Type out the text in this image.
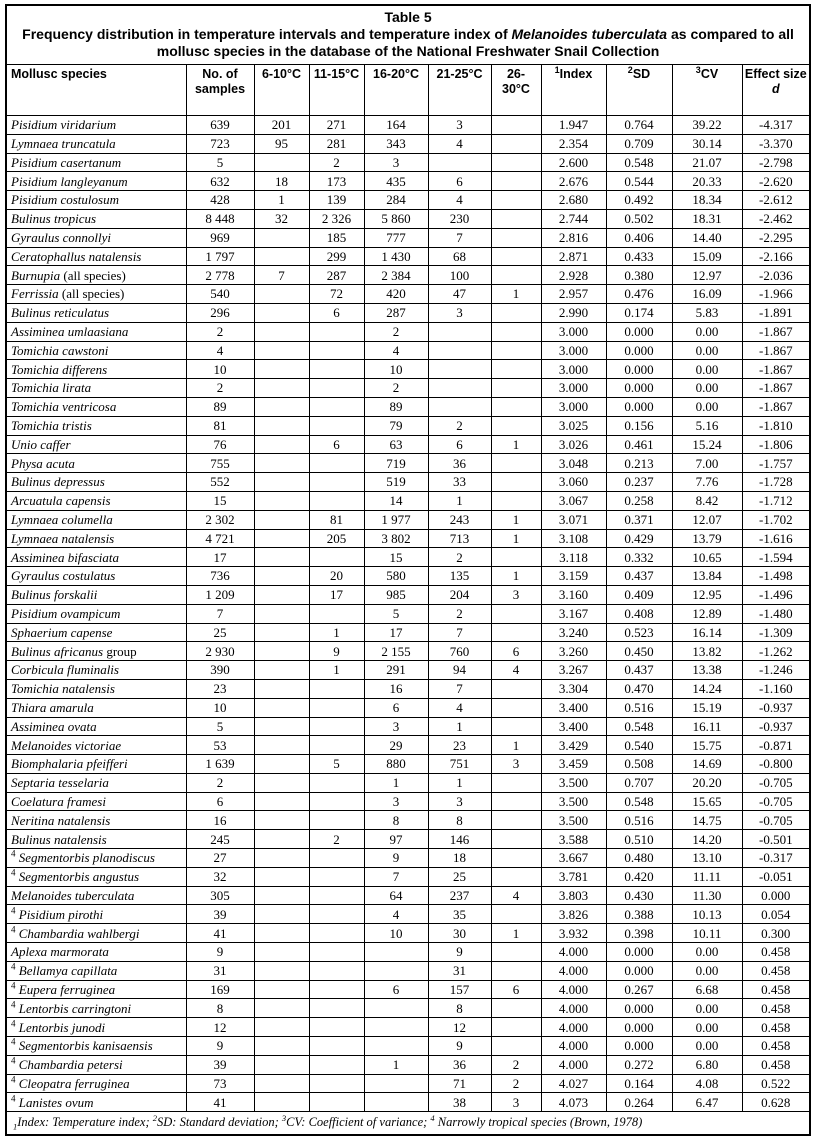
Table 5
Frequency distribution in temperature intervals and temperature index of Melanoides tuberculata as compared to all mollusc species in the database of the National Freshwater Snail Collection										

Mollusc species	No. of samples	6-10°C	11-15°C	16-20°C	21-25°C	26-30°C	$^1$Index	$^2$SD	$^3$CV	Effect size
d

Pisidium viridarium	639	201	271	164	3		1.947	0.764	39.22	-4.317
Lymnaea truncatula	723	95	281	343	4		2.354	0.709	30.14	-3.370
Pisidium casertanum	5		2	3			2.600	0.548	21.07	-2.798
Pisidium langleyanum	632	18	173	435	6		2.676	0.544	20.33	-2.620
Pisidium costulosum	428	1	139	284	4		2.680	0.492	18.34	-2.612
Bulinus tropicus	8 448	32	2 326	5 860	230		2.744	0.502	18.31	-2.462
Gyraulus connollyi	969		185	777	7		2.816	0.406	14.40	-2.295
Ceratophallus natalensis	1 797		299	1 430	68		2.871	0.433	15.09	-2.166
Burnupia (all species)	2 778	7	287	2 384	100		2.928	0.380	12.97	-2.036
Ferrissia (all species)	540		72	420	47	1	2.957	0.476	16.09	-1.966
Bulinus reticulatus	296		6	287	3		2.990	0.174	5.83	-1.891
Assiminea umlaasiana	2			2			3.000	0.000	0.00	-1.867
Tomichia cawstoni	4			4			3.000	0.000	0.00	-1.867
Tomichia differens	10			10			3.000	0.000	0.00	-1.867
Tomichia lirata	2			2			3.000	0.000	0.00	-1.867
Tomichia ventricosa	89			89			3.000	0.000	0.00	-1.867
Tomichia tristis	81			79	2		3.025	0.156	5.16	-1.810
Unio caffer	76		6	63	6	1	3.026	0.461	15.24	-1.806
Physa acuta	755			719	36		3.048	0.213	7.00	-1.757
Bulinus depressus	552			519	33		3.060	0.237	7.76	-1.728
Arcuatula capensis	15			14	1		3.067	0.258	8.42	-1.712
Lymnaea columella	2 302		81	1 977	243	1	3.071	0.371	12.07	-1.702
Lymnaea natalensis	4 721		205	3 802	713	1	3.108	0.429	13.79	-1.616
Assiminea bifasciata	17			15	2		3.118	0.332	10.65	-1.594
Gyraulus costulatus	736		20	580	135	1	3.159	0.437	13.84	-1.498
Bulinus forskalii	1 209		17	985	204	3	3.160	0.409	12.95	-1.496
Pisidium ovampicum	7			5	2		3.167	0.408	12.89	-1.480
Sphaerium capense	25		1	17	7		3.240	0.523	16.14	-1.309
Bulinus africanus group	2 930		9	2 155	760	6	3.260	0.450	13.82	-1.262
Corbicula fluminalis	390		1	291	94	4	3.267	0.437	13.38	-1.246
Tomichia natalensis	23			16	7		3.304	0.470	14.24	-1.160
Thiara amarula	10			6	4		3.400	0.516	15.19	-0.937
Assiminea ovata	5			3	1		3.400	0.548	16.11	-0.937
Melanoides victoriae	53			29	23	1	3.429	0.540	15.75	-0.871
Biomphalaria pfeifferi	1 639		5	880	751	3	3.459	0.508	14.69	-0.800
Septaria tesselaria	2			1	1		3.500	0.707	20.20	-0.705
Coelatura framesi	6			3	3		3.500	0.548	15.65	-0.705
Neritina natalensis	16			8	8		3.500	0.516	14.75	-0.705
Bulinus natalensis	245		2	97	146		3.588	0.510	14.20	-0.501
$^4$ Segmentorbis planodiscus	27			9	18		3.667	0.480	13.10	-0.317
$^4$ Segmentorbis angustus	32			7	25		3.781	0.420	11.11	-0.051
Melanoides tuberculata	305			64	237	4	3.803	0.430	11.30	0.000
$^4$ Pisidium pirothi	39			4	35		3.826	0.388	10.13	0.054
$^4$ Chambardia wahlbergi	41			10	30	1	3.932	0.398	10.11	0.300
Aplexa marmorata	9				9		4.000	0.000	0.00	0.458
$^4$ Bellamya capillata	31				31		4.000	0.000	0.00	0.458
$^4$ Eupera ferruginea	169			6	157	6	4.000	0.267	6.68	0.458
$^4$ Lentorbis carringtoni	8				8		4.000	0.000	0.00	0.458
$^4$ Lentorbis junodi	12				12		4.000	0.000	0.00	0.458
$^4$ Segmentorbis kanisaensis	9				9		4.000	0.000	0.00	0.458
$^4$ Chambardia petersi	39			1	36	2	4.000	0.272	6.80	0.458
$^4$ Cleopatra ferruginea	73				71	2	4.027	0.164	4.08	0.522
$^4$ Lanistes ovum	41				38	3	4.073	0.264	6.47	0.628
$_1$Index: Temperature index; $^2$SD: Standard deviation; $^3$CV: Coefficient of variance; $^4$ Narrowly tropical species (Brown, 1978)										
